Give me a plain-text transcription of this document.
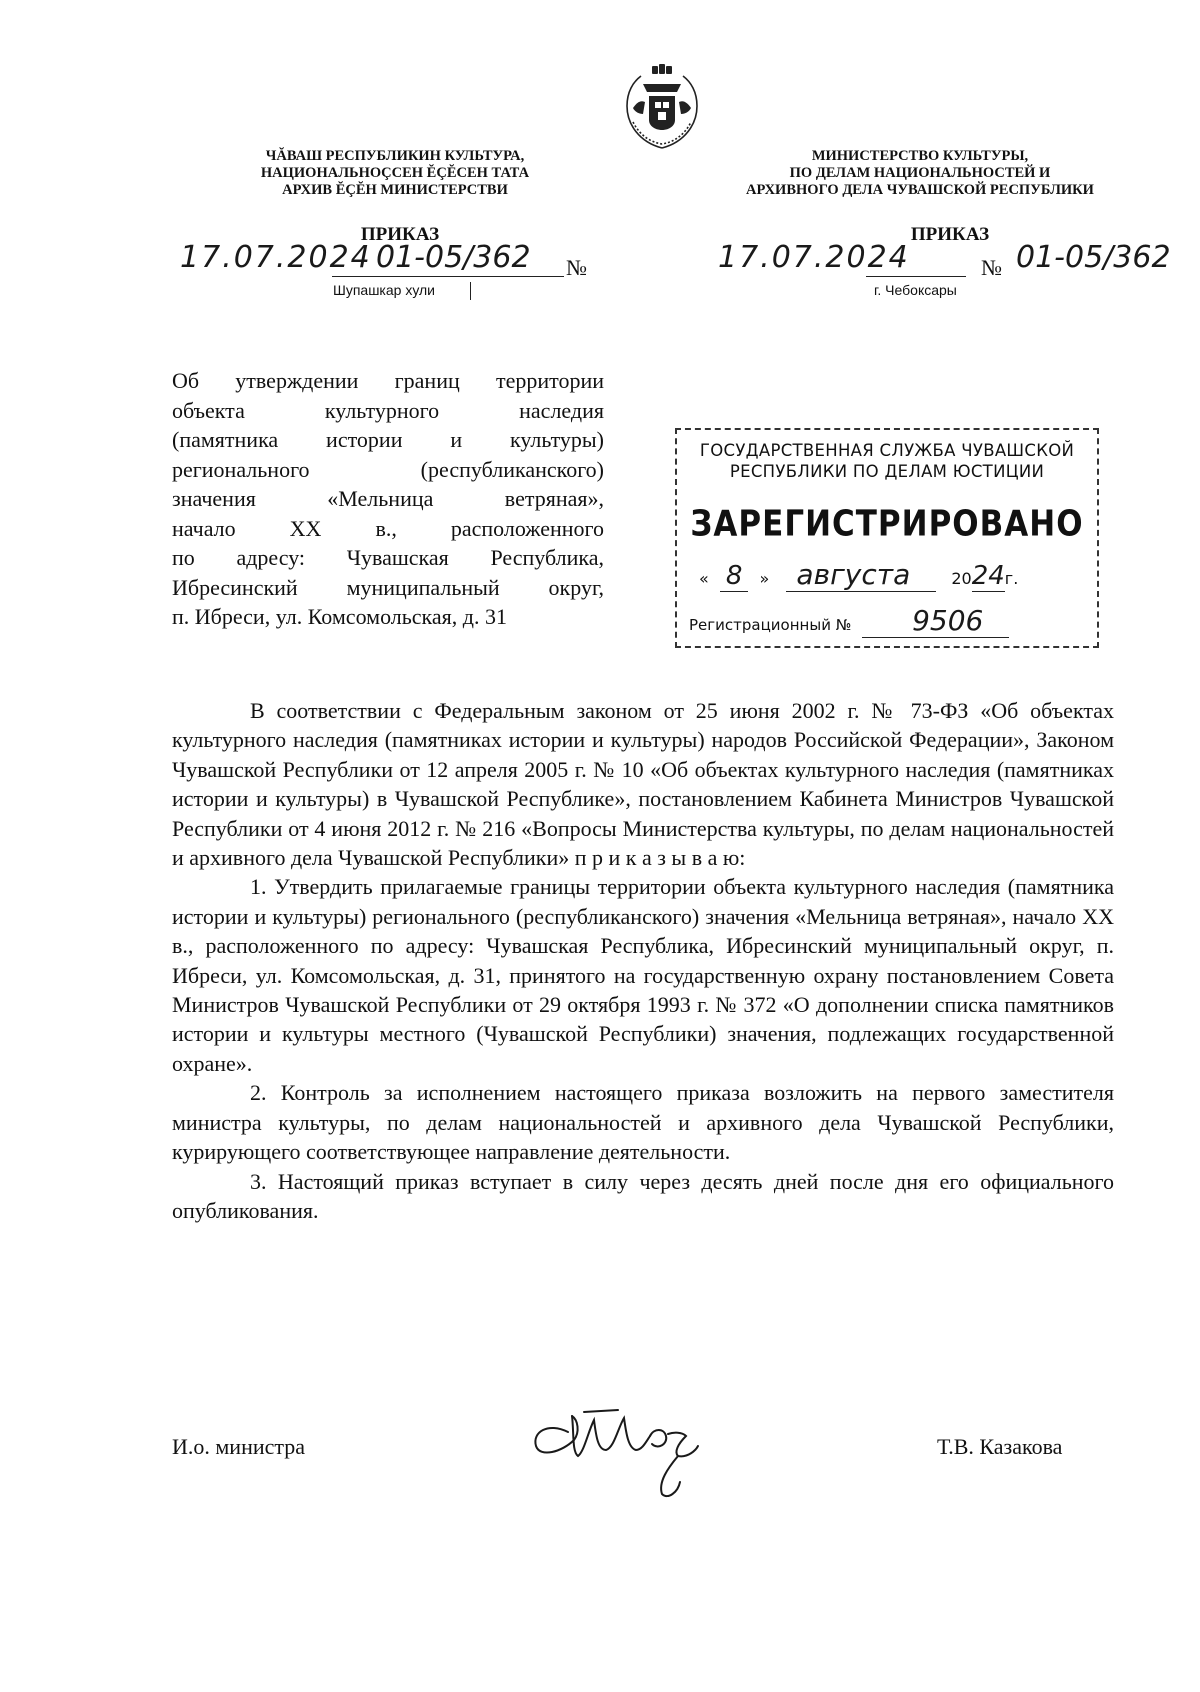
ЧĂВАШ РЕСПУБЛИКИН КУЛЬТУРА,
НАЦИОНАЛЬНОÇСЕН ĔÇĔСЕН ТАТА
АРХИВ ĔÇĔН МИНИСТЕРСТВИ
МИНИСТЕРСТВО КУЛЬТУРЫ,
ПО ДЕЛАМ НАЦИОНАЛЬНОСТЕЙ И
АРХИВНОГО ДЕЛА ЧУВАШСКОЙ РЕСПУБЛИКИ
ПРИКАЗ
17.07.2024 01-05/362 №
Шупашкар хули
ПРИКАЗ
17.07.2024	№ 01-05/362
г. Чебоксары
Об утверждении границ территории
объекта культурного наследия
(памятника истории и культуры)
регионального (республиканского)
значения «Мельница ветряная»,
начало XX в., расположенного
по адресу: Чувашская Республика,
Ибресинский муниципальный округ,
п. Ибреси, ул. Комсомольская, д. 31
ГОСУДАРСТВЕННАЯ СЛУЖБА ЧУВАШСКОЙ
РЕСПУБЛИКИ ПО ДЕЛАМ ЮСТИЦИИ
ЗАРЕГИСТРИРОВАНО
« 8 » августа	2024г.
Регистрационный № 9506

В соответствии с Федеральным законом от 25 июня 2002 г. № 73-ФЗ «Об объектах культурного наследия (памятниках истории и культуры) народов Российской Федерации», Законом Чувашской Республики от 12 апреля 2005 г. № 10 «Об объектах культурного наследия (памятниках истории и культуры) в Чувашской Республике», постановлением Кабинета Министров Чувашской Республики от 4 июня 2012 г. № 216 «Вопросы Министерства культуры, по делам национальностей и архивного дела Чувашской Республики» п р и к а з ы в а ю:

1. Утвердить прилагаемые границы территории объекта культурного наследия (памятника истории и культуры) регионального (республиканского) значения «Мельница ветряная», начало XX в., расположенного по адресу: Чувашская Республика, Ибресинский муниципальный округ, п. Ибреси, ул. Комсомольская, д. 31, принятого на государственную охрану постановлением Совета Министров Чувашской Республики от 29 октября 1993 г. № 372 «О дополнении списка памятников истории и культуры местного (Чувашской Республики) значения, подлежащих государственной охране».

2. Контроль за исполнением настоящего приказа возложить на первого заместителя министра культуры, по делам национальностей и архивного дела Чувашской Республики, курирующего соответствующее направление деятельности.

3. Настоящий приказ вступает в силу через десять дней после дня его официального опубликования.

И.о. министра	Т.В. Казакова
